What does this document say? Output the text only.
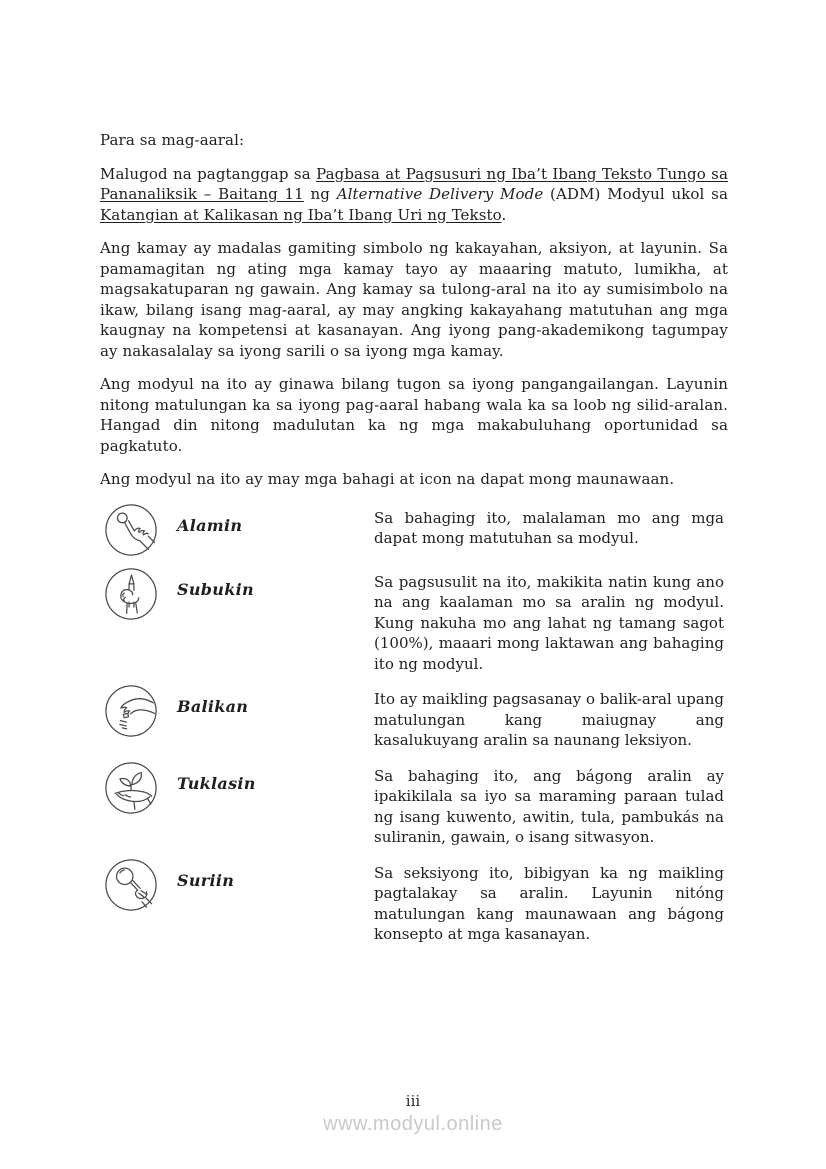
Para sa mag-aaral:

Malugod na pagtanggap sa Pagbasa at Pagsusuri ng Iba’t Ibang Teksto Tungo sa Pananaliksik – Baitang 11 ng Alternative Delivery Mode (ADM) Modyul ukol sa Katangian at Kalikasan ng Iba’t Ibang Uri ng Teksto.

Ang kamay ay madalas gamiting simbolo ng kakayahan, aksiyon, at layunin. Sa pamamagitan ng ating mga kamay tayo ay maaaring matuto, lumikha, at magsakatuparan ng gawain. Ang kamay sa tulong-aral na ito ay sumisimbolo na ikaw, bilang isang mag-aaral, ay may angking kakayahang matutuhan ang mga kaugnay na kompetensi at kasanayan. Ang iyong pang-akademikong tagumpay ay nakasalalay sa iyong sarili o sa iyong mga kamay.

Ang modyul na ito ay ginawa bilang tugon sa iyong pangangailangan. Layunin nitong matulungan ka sa iyong pag-aaral habang wala ka sa loob ng silid-aralan. Hangad din nitong madulutan ka ng mga makabuluhang oportunidad sa pagkatuto.

Ang modyul na ito ay may mga bahagi at icon na dapat mong maunawaan.

Alamin	Sa bahaging ito, malalaman mo ang mga dapat mong matutuhan sa modyul.
Subukin	Sa pagsusulit na ito, makikita natin kung ano na ang kaalaman mo sa aralin ng modyul. Kung nakuha mo ang lahat ng tamang sagot (100%), maaari mong laktawan ang bahaging ito ng modyul.
Balikan	Ito ay maikling pagsasanay o balik-aral upang matulungan kang maiugnay ang kasalukuyang aralin sa naunang leksiyon.
Tuklasin	Sa bahaging ito, ang bágong aralin ay ipakikilala sa iyo sa maraming paraan tulad ng isang kuwento, awitin, tula, pambukás na suliranin, gawain, o isang sitwasyon.
Suriin	Sa seksiyong ito, bibigyan ka ng maikling pagtalakay sa aralin. Layunin nitóng matulungan kang maunawaan ang bágong konsepto at mga kasanayan.
iii
www.modyul.online
